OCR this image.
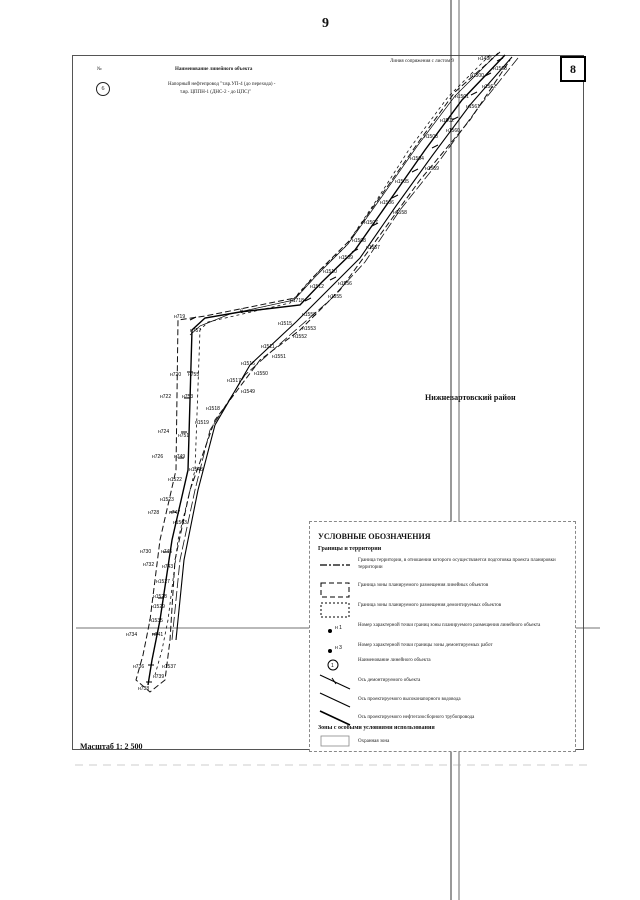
9
8
№	Наименование линейного объекта
6
Напорный нефтепровод "т.вр.УП-4 (до перехода) -
т.вр. ЦППН-1 (ДНС-2 - до ЦПС)"
Линия сопряжения с листом 9
6
н1486
н1563
н1500
н1562
н1501
н1561
н1502
н1503
н1560
н1504
н1559
н1505
н1506
н1558
н1507
н1508
н1557
н1509
н1510
н1556
н1512
н1555
н1718
н719	н1558
н1515
н1553
н757
н1552
н1511
н1516
н1551
н1550
н720 н755
н1517
н1549
н722 н753
н1518
н1519
н724
н751
н726 н749
н1548
н1522
н1523
н728 н747
н1563
н730 н745
н732 н743
н1527
н1528
н1529
н1535
н734	н741
н736	н1537
н739
н738
Нижневартовский район
УСЛОВНЫЕ ОБОЗНАЧЕНИЯ
Границы и территории
Граница территории, в отношении которого осуществляется подготовка проекта планировки территории
Граница зоны планируемого размещения линейных объектов
Граница зоны планируемого размещения демонтируемых объектов
н 1	Номер характерной точки границ зоны планируемого размещения линейного объекта
н 3	Номер характерной точки границы зоны демонтируемых работ
1
Наименование линейного объекта
Ось демонтируемого объекта
Ось проектируемого высоконапорного водовода
Ось проектируемого нефтегазосборного трубопровода
Зоны с особыми условиями использования
Охранная зона
Масштаб 1: 2 500
